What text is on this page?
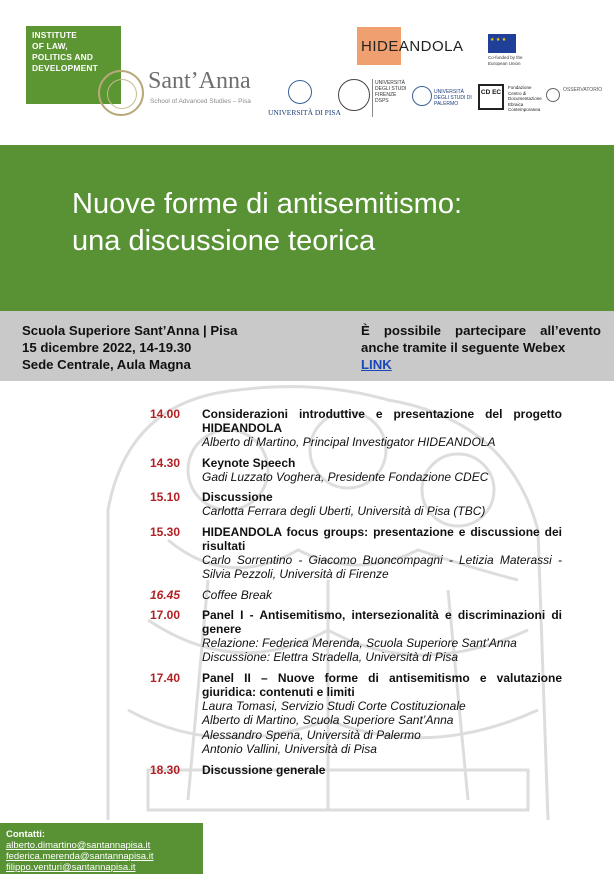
INSTITUTE
OF LAW,
POLITICS AND
DEVELOPMENT	Sant’Anna
School of Advanced Studies – Pisa
HIDEANDOLA
★ ★ ★
Co-funded by the European Union
UNIVERSITÀ DI PISA
UNIVERSITÀ DEGLI STUDI FIRENZE DSPS
UNIVERSITÀ DEGLI STUDI DI PALERMO
CD EC
Fondazione Centro di Documentazione Ebraica Contemporanea
OSSERVATORIO
Nuove forme di antisemitismo:
una discussione teorica
Scuola Superiore Sant’Anna | Pisa
15 dicembre 2022, 14-19.30
Sede Centrale, Aula Magna
È possibile partecipare all’evento anche tramite il seguente Webex
LINK
14.00	Considerazioni introduttive e presentazione del progetto HIDEANDOLA
Alberto di Martino, Principal Investigator HIDEANDOLA
14.30	Keynote Speech
Gadi Luzzato Voghera, Presidente Fondazione CDEC
15.10	Discussione
Carlotta Ferrara degli Uberti, Università di Pisa (TBC)
15.30	HIDEANDOLA focus groups: presentazione e discussione dei risultati
Carlo Sorrentino - Giacomo Buoncompagni - Letizia Materassi - Silvia Pezzoli, Università di Firenze
16.45	Coffee Break
17.00	Panel I - Antisemitismo, intersezionalità e discriminazioni di genere
Relazione: Federica Merenda, Scuola Superiore Sant’Anna
Discussione: Elettra Stradella, Università di Pisa
17.40	Panel II – Nuove forme di antisemitismo e valutazione giuridica: contenuti e limiti
Laura Tomasi, Servizio Studi Corte Costituzionale
Alberto di Martino, Scuola Superiore Sant’Anna
Alessandro Spena, Università di Palermo
Antonio Vallini, Università di Pisa
18.30	Discussione generale
Contatti:
alberto.dimartino@santannapisa.it
federica.merenda@santannapisa.it
filippo.venturi@santannapisa.it
